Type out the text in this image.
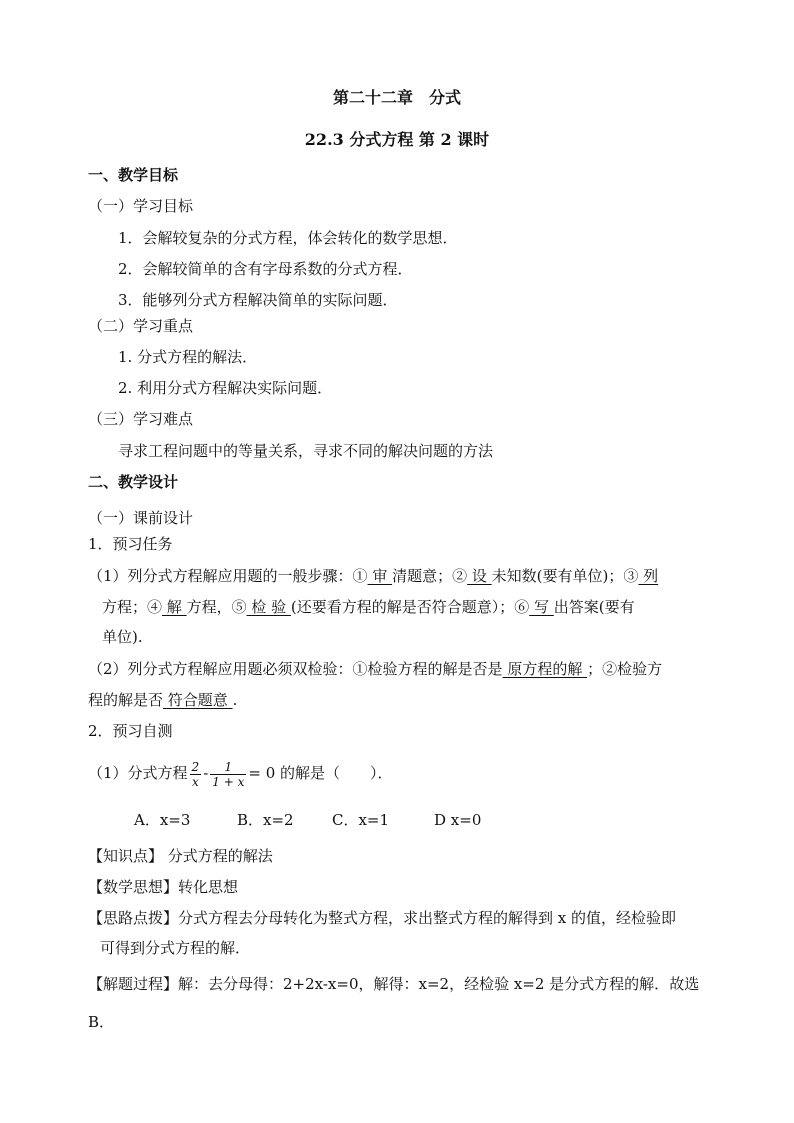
第二十二章　分式
22.3 分式方程 第 2 课时
一、教学目标
（一）学习目标
1．会解较复杂的分式方程，体会转化的数学思想．
2．会解较简单的含有字母系数的分式方程．
3．能够列分式方程解决简单的实际问题．
（二）学习重点
1. 分式方程的解法．
2. 利用分式方程解决实际问题．
（三）学习难点
寻求工程问题中的等量关系，寻求不同的解决问题的方法
二、教学设计
（一）课前设计
1．预习任务
（1）列分式方程解应用题的一般步骤：① 审 清题意；② 设 未知数(要有单位)；③ 列
方程；④ 解 方程，⑤ 检 验 (还要看方程的解是否符合题意）；⑥ 写 出答案(要有
单位).
（2）列分式方程解应用题必须双检验：①检验方程的解是否是 原方程的解 ；②检验方
程的解是否 符合题意 .
2．预习自测
（1）分式方程 $\frac{2}{x} - \frac{1}{1 + x} = 0$ 的解是（　　）．
A．x=3	B．x=2	C．x=1	D x=0
【知识点】 分式方程的解法
【数学思想】转化思想
【思路点拨】分式方程去分母转化为整式方程，求出整式方程的解得到 x 的值，经检验即
可得到分式方程的解．
【解题过程】解：去分母得：2+2x-x=0，解得：x=2，经检验 x=2 是分式方程的解．故选
B．
